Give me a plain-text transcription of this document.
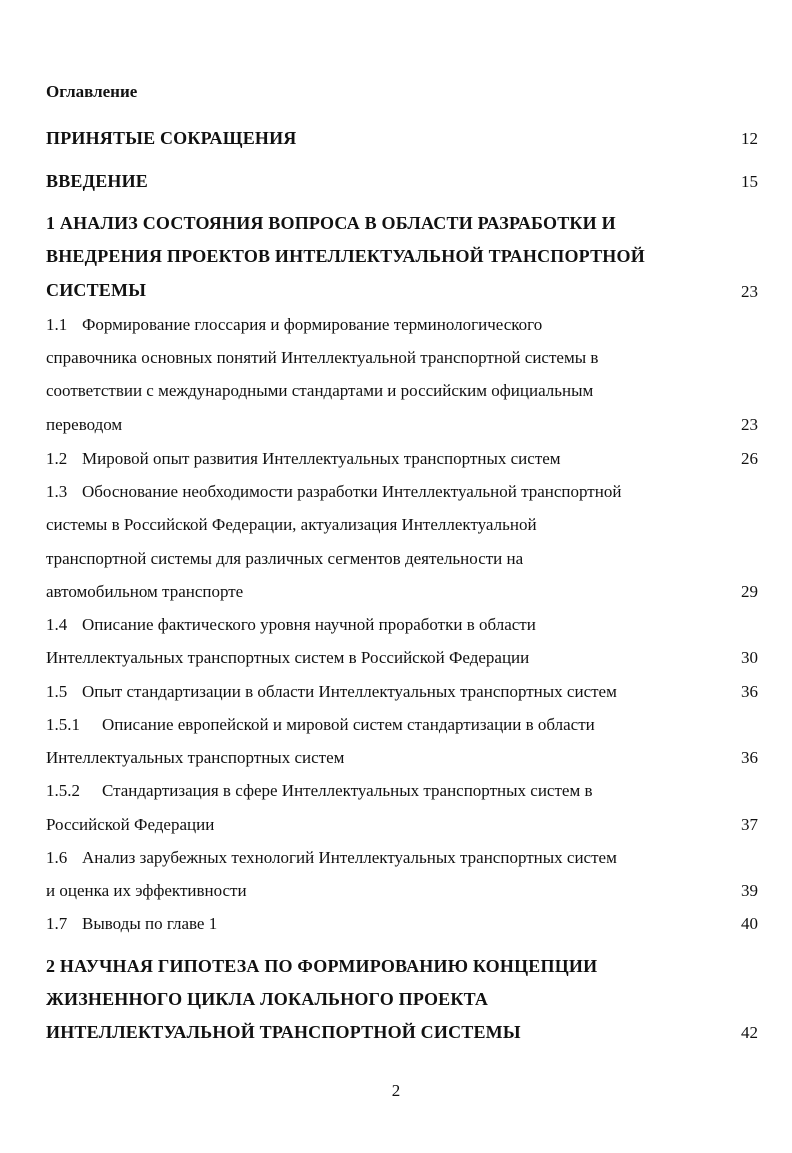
Оглавление
ПРИНЯТЫЕ СОКРАЩЕНИЯ	12
ВВЕДЕНИЕ	15
1 АНАЛИЗ СОСТОЯНИЯ ВОПРОСА В ОБЛАСТИ РАЗРАБОТКИ И
ВНЕДРЕНИЯ ПРОЕКТОВ ИНТЕЛЛЕКТУАЛЬНОЙ ТРАНСПОРТНОЙ
СИСТЕМЫ	23
1.1 Формирование глоссария и формирование терминологического
справочника основных понятий Интеллектуальной транспортной системы в
соответствии с международными стандартами и российским официальным
переводом	23
1.2 Мировой опыт развития Интеллектуальных транспортных систем	26
1.3 Обоснование необходимости разработки Интеллектуальной транспортной
системы в Российской Федерации, актуализация Интеллектуальной
транспортной системы для различных сегментов деятельности на
автомобильном транспорте	29
1.4 Описание фактического уровня научной проработки в области
Интеллектуальных транспортных систем в Российской Федерации	30
1.5 Опыт стандартизации в области Интеллектуальных транспортных систем	36
1.5.1 Описание европейской и мировой систем стандартизации в области
Интеллектуальных транспортных систем	36
1.5.2 Стандартизация в сфере Интеллектуальных транспортных систем в
Российской Федерации	37
1.6 Анализ зарубежных технологий Интеллектуальных транспортных систем
и оценка их эффективности	39
1.7 Выводы по главе 1	40
2 НАУЧНАЯ ГИПОТЕЗА ПО ФОРМИРОВАНИЮ КОНЦЕПЦИИ
ЖИЗНЕННОГО ЦИКЛА ЛОКАЛЬНОГО ПРОЕКТА
ИНТЕЛЛЕКТУАЛЬНОЙ ТРАНСПОРТНОЙ СИСТЕМЫ	42
2
